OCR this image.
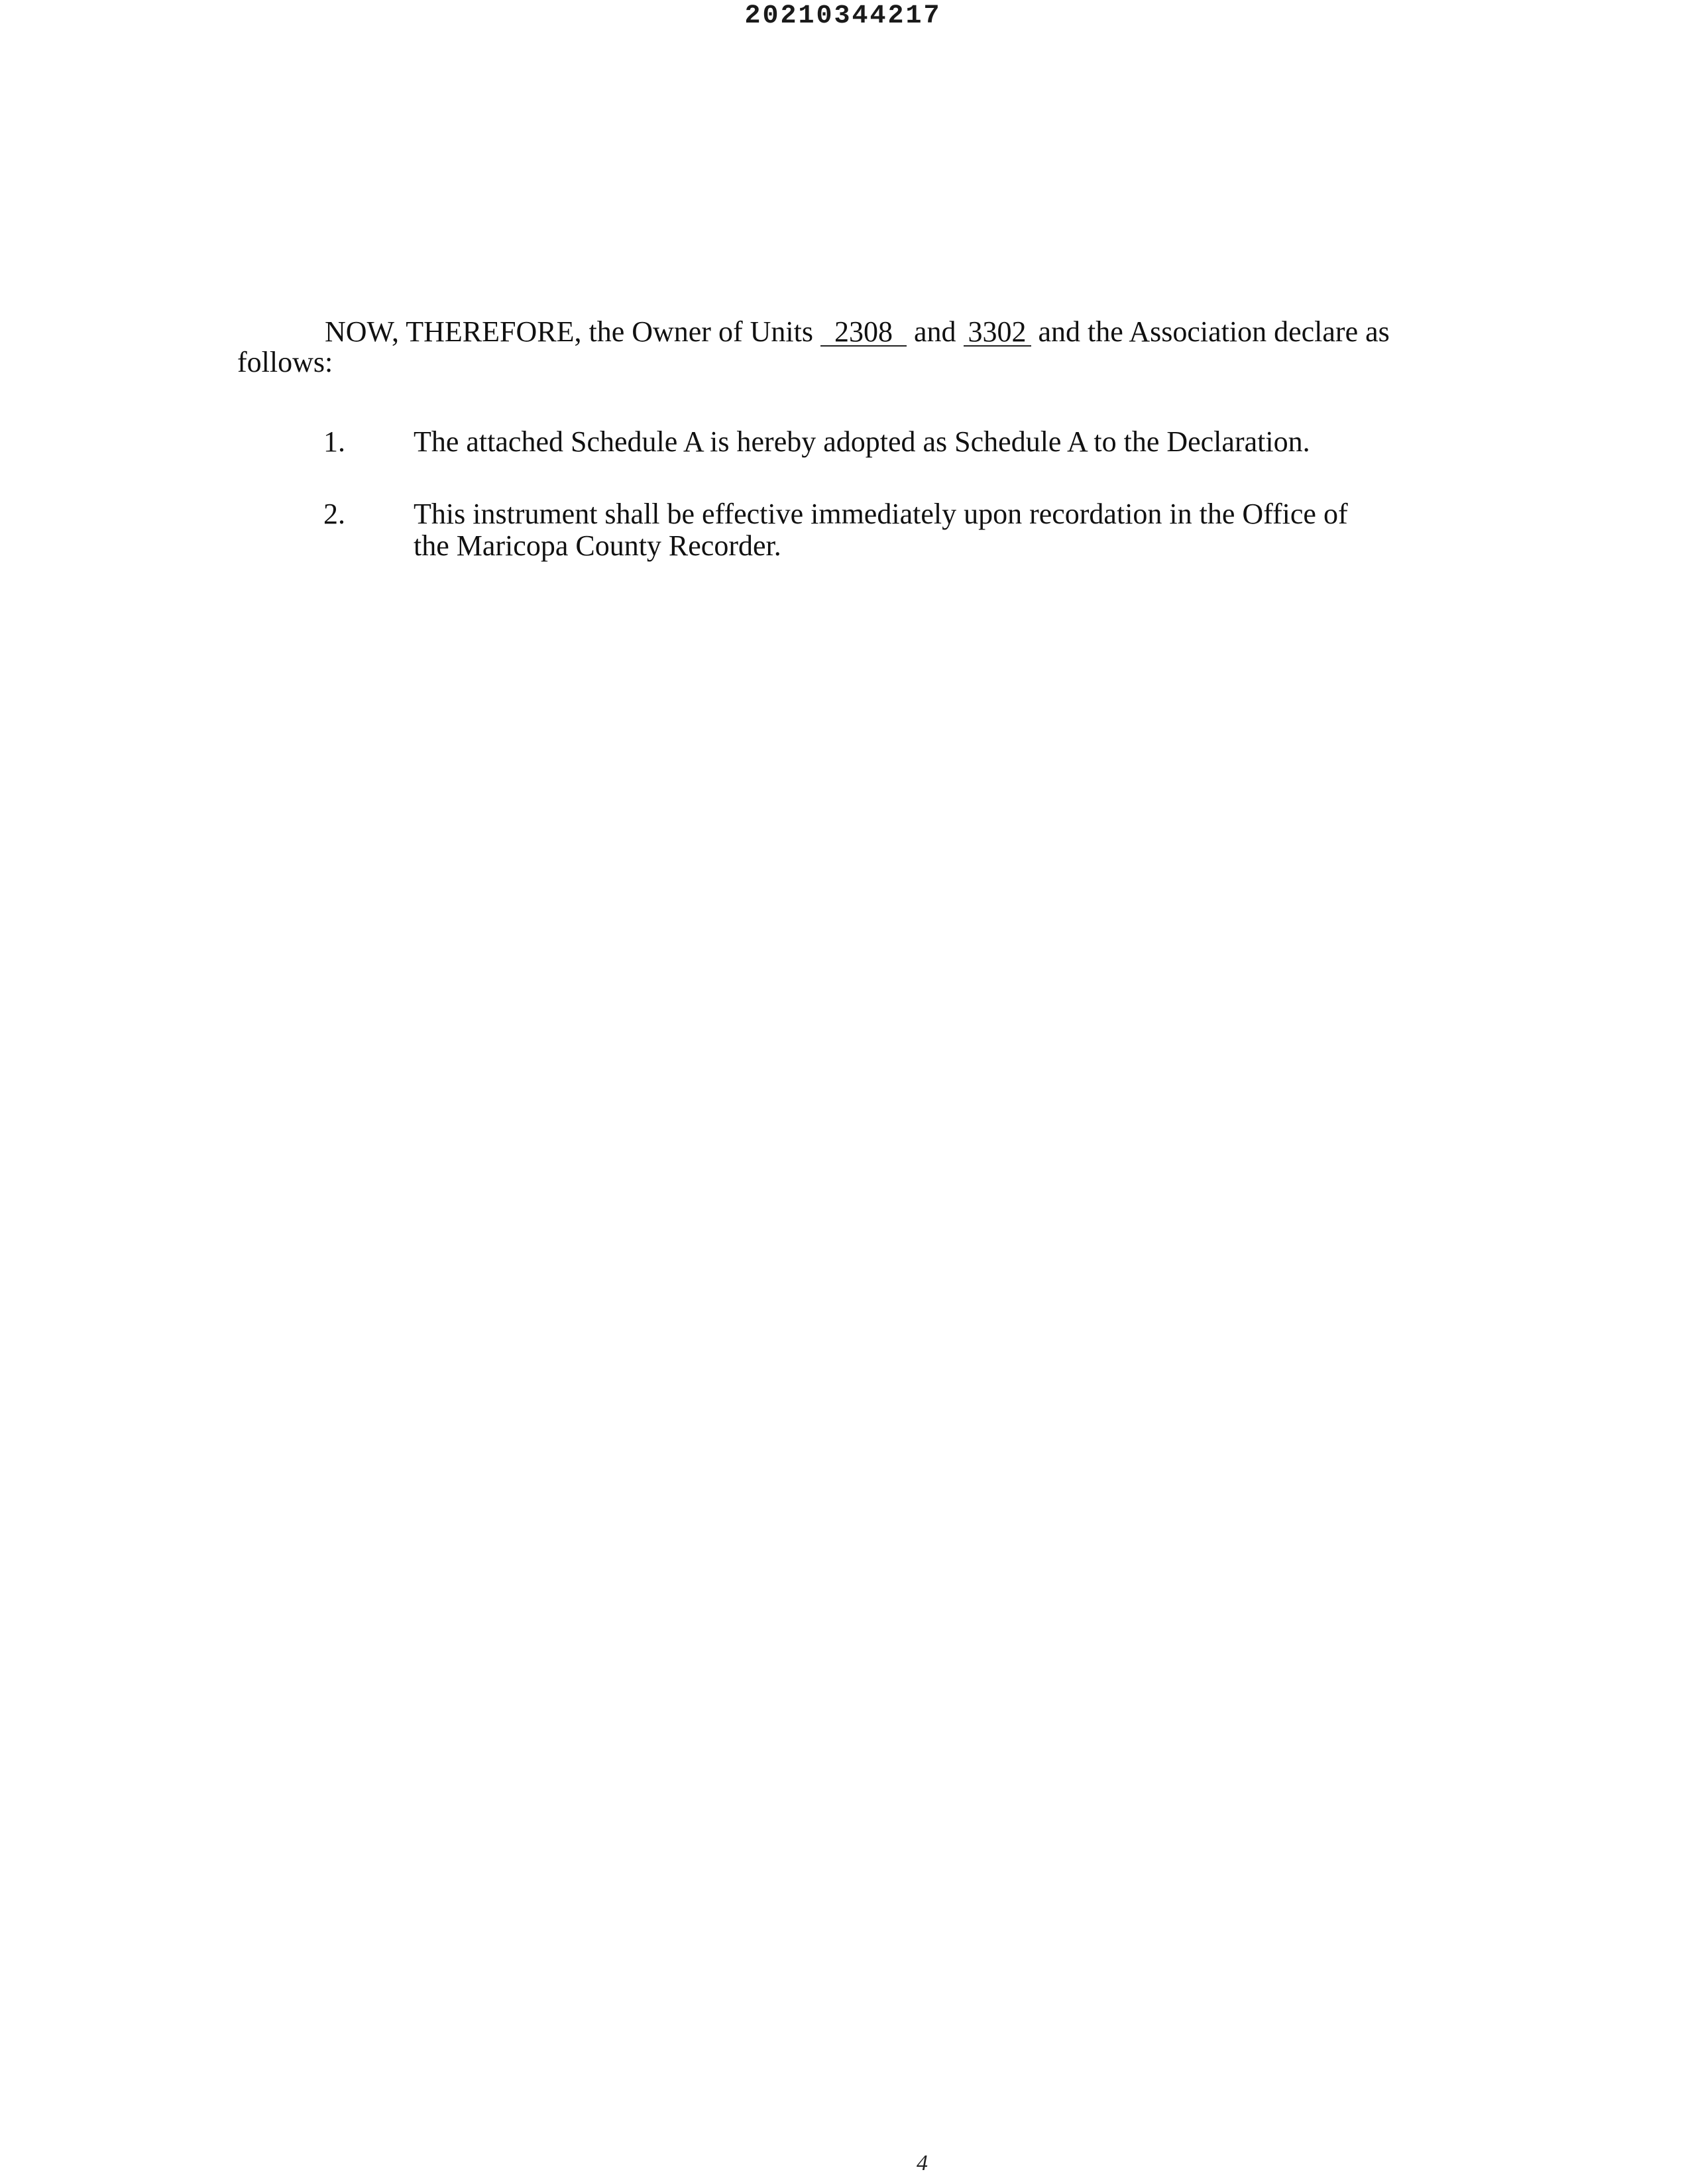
20210344217
NOW, THEREFORE, the Owner of Units 2308 and 3302 and the Association declare as
follows:
1. The attached Schedule A is hereby adopted as Schedule A to the Declaration.
2. This instrument shall be effective immediately upon recordation in the Office of
the Maricopa County Recorder.
4
